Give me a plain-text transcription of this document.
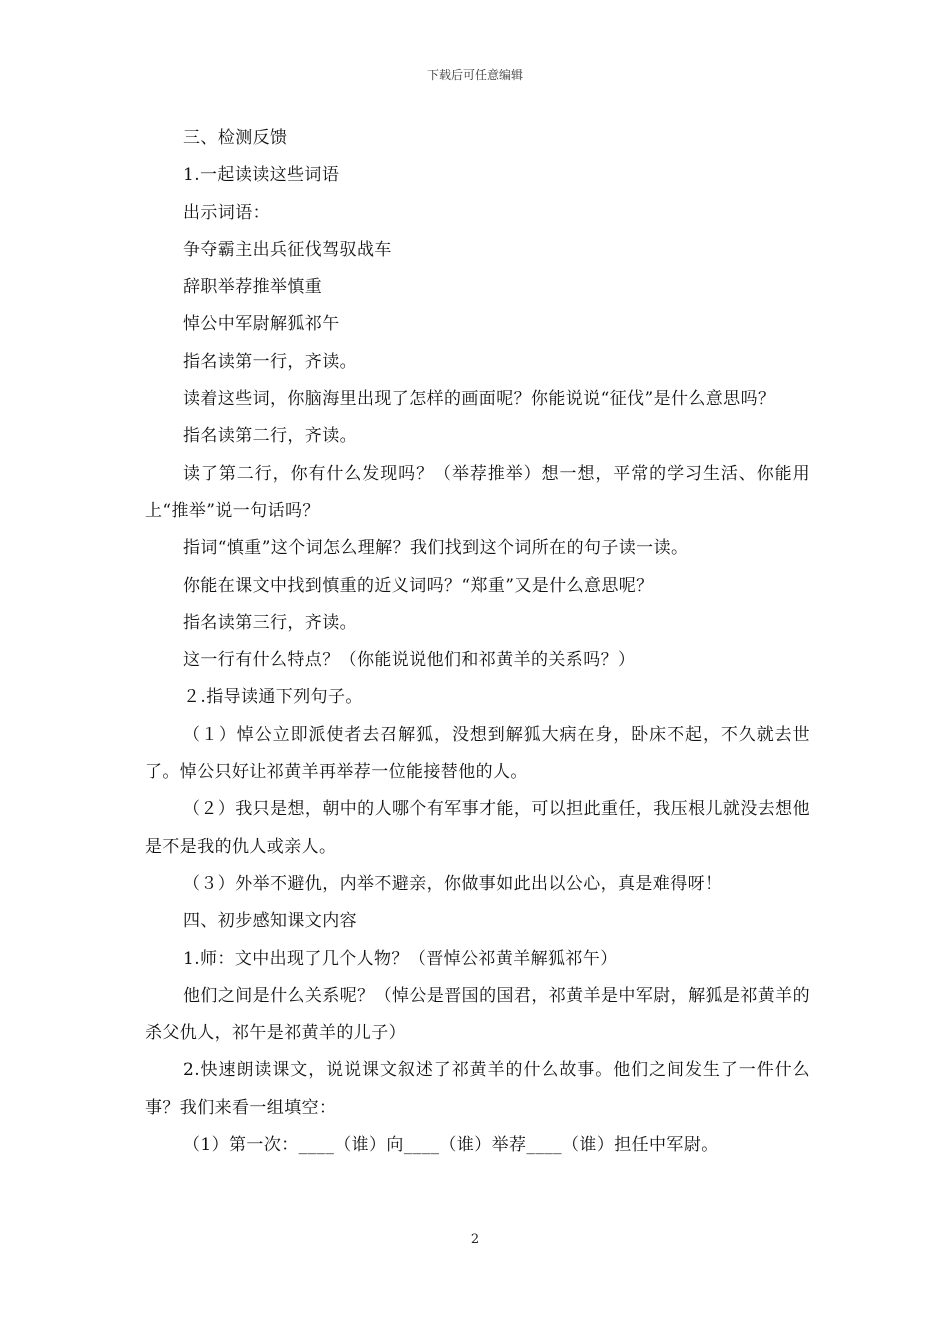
下载后可任意编辑

三、检测反馈

1.一起读读这些词语

出示词语：

争夺霸主出兵征伐驾驭战车

辞职举荐推举慎重

悼公中军尉解狐祁午

指名读第一行，齐读。

读着这些词，你脑海里出现了怎样的画面呢？你能说说“征伐”是什么意思吗？

指名读第二行，齐读。

读了第二行，你有什么发现吗？（举荐推举）想一想，平常的学习生活、你能用上“推举”说一句话吗？

指词“慎重”这个词怎么理解？我们找到这个词所在的句子读一读。

你能在课文中找到慎重的近义词吗？“郑重”又是什么意思呢？

指名读第三行，齐读。

这一行有什么特点？（你能说说他们和祁黄羊的关系吗？）

２.指导读通下列句子。

（１）悼公立即派使者去召解狐，没想到解狐大病在身，卧床不起，不久就去世了。悼公只好让祁黄羊再举荐一位能接替他的人。

（２）我只是想，朝中的人哪个有军事才能，可以担此重任，我压根儿就没去想他是不是我的仇人或亲人。

（３）外举不避仇，内举不避亲，你做事如此出以公心，真是难得呀！

四、初步感知课文内容

1.师：文中出现了几个人物？（晋悼公祁黄羊解狐祁午）

他们之间是什么关系呢？（悼公是晋国的国君，祁黄羊是中军尉，解狐是祁黄羊的杀父仇人，祁午是祁黄羊的儿子）

2.快速朗读课文，说说课文叙述了祁黄羊的什么故事。他们之间发生了一件什么事？我们来看一组填空：

（1）第一次：____（谁）向____（谁）举荐____（谁）担任中军尉。

2
